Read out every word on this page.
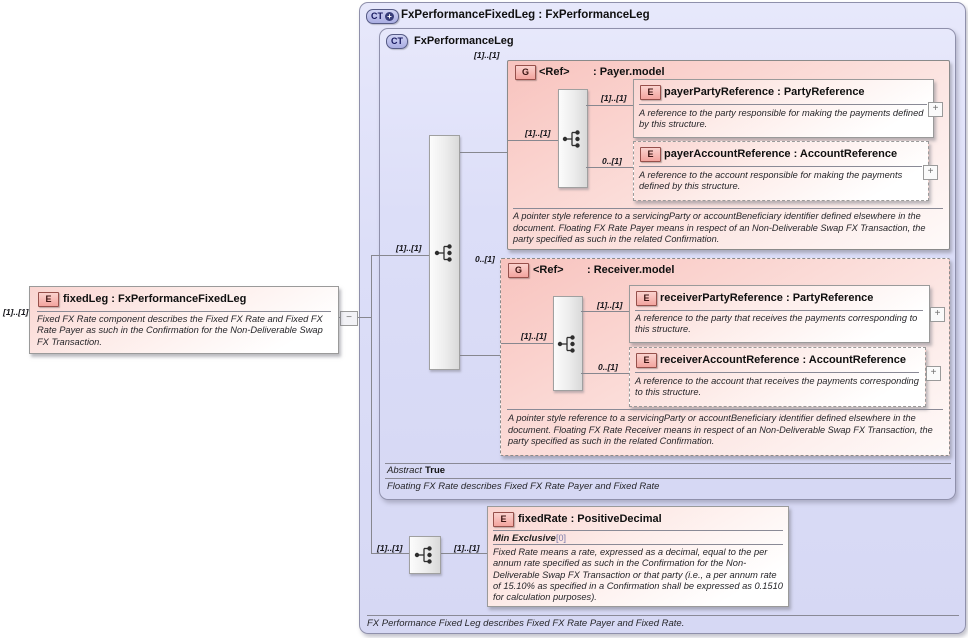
CT + FxPerformanceFixedLeg : FxPerformanceLeg
FX Performance Fixed Leg describes Fixed FX Rate Payer and Fixed Rate.
CT FxPerformanceLeg
Abstract True
Floating FX Rate describes Fixed FX Rate Payer and Fixed Rate
−
[1]..[1]
[1]..[1]
E	fixedLeg : FxPerformanceFixedLeg
Fixed FX Rate component describes the Fixed FX Rate and Fixed FX Rate Payer as such in the Confirmation for the Non-Deliverable Swap FX Transaction.
[1]..[1]
G <Ref> : Payer.model
[1]..[1]
[1]..[1]
E payerPartyReference : PartyReference
A reference to the party responsible for making the payments defined by this structure.
+
0..[1]
E payerAccountReference : AccountReference
A reference to the account responsible for making the payments defined by this structure.
+
A pointer style reference to a servicingParty or accountBeneficiary identifier defined elsewhere in the document. Floating FX Rate Payer means in respect of an Non-Deliverable Swap FX Transaction, the party specified as such in the related Confirmation.
0..[1]
G	<Ref> : Receiver.model
[1]..[1]
[1]..[1]
E receiverPartyReference : PartyReference
A reference to the party that receives the payments corresponding to this structure.
+
0..[1]
E receiverAccountReference : AccountReference
A reference to the account that receives the payments corresponding to this structure.
+
A pointer style reference to a servicingParty or accountBeneficiary identifier defined elsewhere in the document. Floating FX Rate Receiver means in respect of an Non-Deliverable Swap FX Transaction, the party specified as such in the related Confirmation.
[1]..[1]	[1]..[1]
E	fixedRate : PositiveDecimal
Min Exclusive [0]
Fixed Rate means a rate, expressed as a decimal, equal to the per annum rate specified as such in the Confirmation for the Non-Deliverable Swap FX Transaction or that party (i.e., a per annum rate of 15.10% as specified in a Confirmation shall be expressed as 0.1510 for calculation purposes).
